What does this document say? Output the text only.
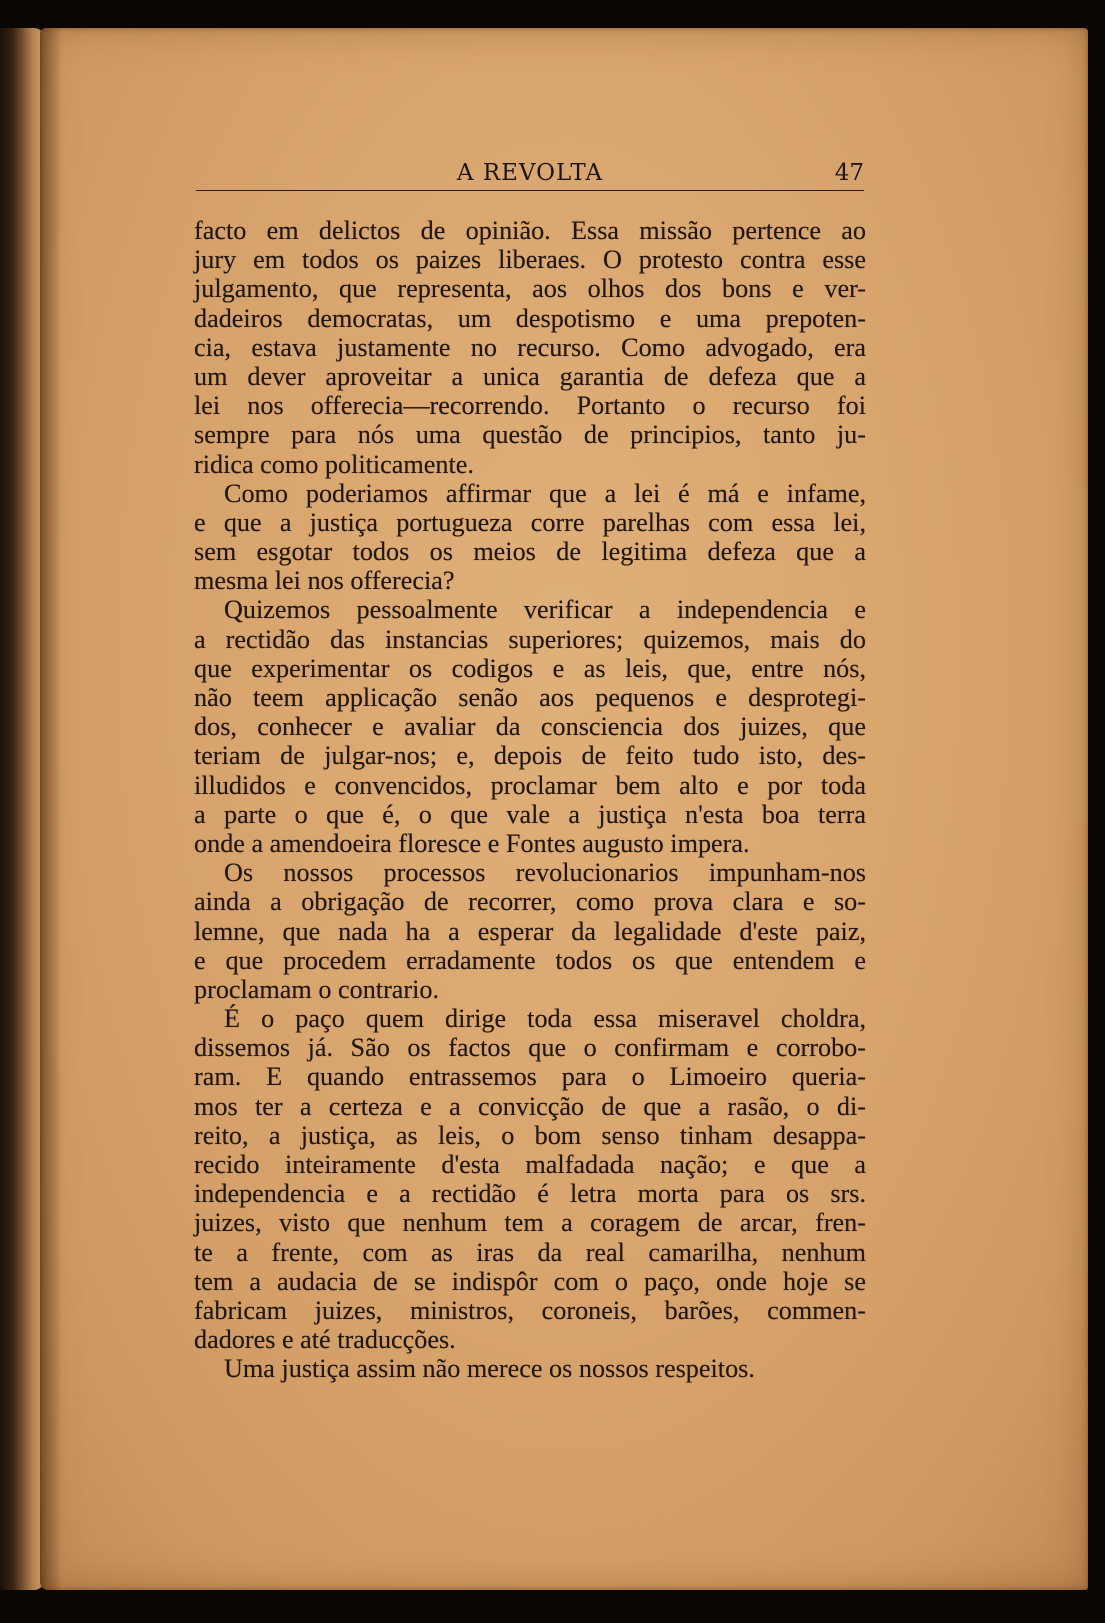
A REVOLTA	47
facto em delictos de opinião. Essa missão pertence ao
jury em todos os paizes liberaes. O protesto contra esse
julgamento, que representa, aos olhos dos bons e ver-
dadeiros democratas, um despotismo e uma prepoten-
cia, estava justamente no recurso. Como advogado, era
um dever aproveitar a unica garantia de defeza que a
lei nos offerecia—recorrendo. Portanto o recurso foi
sempre para nós uma questão de principios, tanto ju-
ridica como politicamente.
Como poderiamos affirmar que a lei é má e infame,
e que a justiça portugueza corre parelhas com essa lei,
sem esgotar todos os meios de legitima defeza que a
mesma lei nos offerecia?
Quizemos pessoalmente verificar a independencia e
a rectidão das instancias superiores; quizemos, mais do
que experimentar os codigos e as leis, que, entre nós,
não teem applicação senão aos pequenos e desprotegi-
dos, conhecer e avaliar da consciencia dos juizes, que
teriam de julgar-nos; e, depois de feito tudo isto, des-
illudidos e convencidos, proclamar bem alto e por toda
a parte o que é, o que vale a justiça n'esta boa terra
onde a amendoeira floresce e Fontes augusto impera.
Os nossos processos revolucionarios impunham-nos
ainda a obrigação de recorrer, como prova clara e so-
lemne, que nada ha a esperar da legalidade d'este paiz,
e que procedem erradamente todos os que entendem e
proclamam o contrario.
É o paço quem dirige toda essa miseravel choldra,
dissemos já. São os factos que o confirmam e corrobo-
ram. E quando entrassemos para o Limoeiro queria-
mos ter a certeza e a convicção de que a rasão, o di-
reito, a justiça, as leis, o bom senso tinham desappa-
recido inteiramente d'esta malfadada nação; e que a
independencia e a rectidão é letra morta para os srs.
juizes, visto que nenhum tem a coragem de arcar, fren-
te a frente, com as iras da real camarilha, nenhum
tem a audacia de se indispôr com o paço, onde hoje se
fabricam juizes, ministros, coroneis, barões, commen-
dadores e até traducções.
Uma justiça assim não merece os nossos respeitos.
